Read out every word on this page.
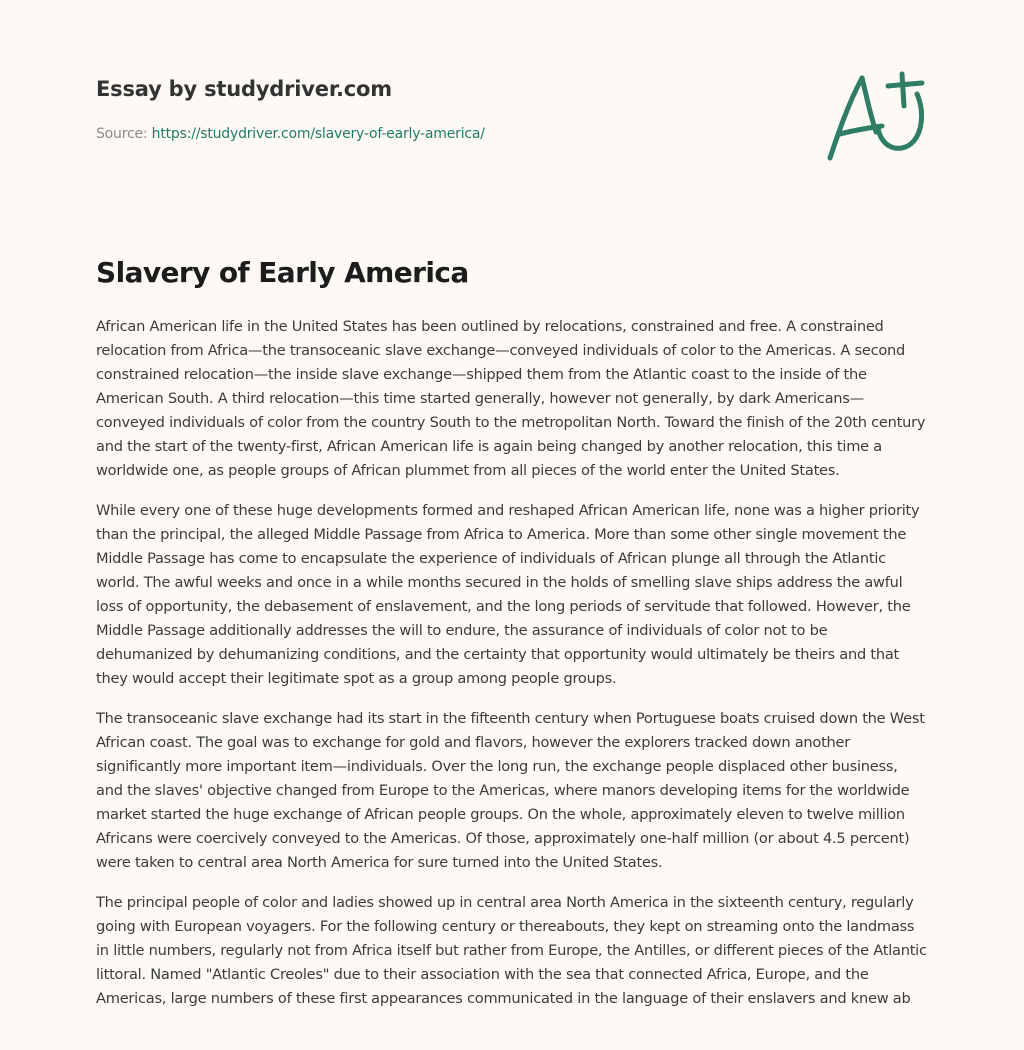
Essay by studydriver.com
Source: https://studydriver.com/slavery-of-early-america/
Slavery of Early America

African American life in the United States has been outlined by relocations, constrained and free. A constrained relocation from Africa—the transoceanic slave exchange—conveyed individuals of color to the Americas. A second constrained relocation—the inside slave exchange—shipped them from the Atlantic coast to the inside of the American South. A third relocation—this time started generally, however not generally, by dark Americans—conveyed individuals of color from the country South to the metropolitan North. Toward the finish of the 20th century and the start of the twenty-first, African American life is again being changed by another relocation, this time a worldwide one, as people groups of African plummet from all pieces of the world enter the United States.

While every one of these huge developments formed and reshaped African American life, none was a higher priority than the principal, the alleged Middle Passage from Africa to America. More than some other single movement the Middle Passage has come to encapsulate the experience of individuals of African plunge all through the Atlantic world. The awful weeks and once in a while months secured in the holds of smelling slave ships address the awful loss of opportunity, the debasement of enslavement, and the long periods of servitude that followed. However, the Middle Passage additionally addresses the will to endure, the assurance of individuals of color not to be dehumanized by dehumanizing conditions, and the certainty that opportunity would ultimately be theirs and that they would accept their legitimate spot as a group among people groups.

The transoceanic slave exchange had its start in the fifteenth century when Portuguese boats cruised down the West African coast. The goal was to exchange for gold and flavors, however the explorers tracked down another significantly more important item—individuals. Over the long run, the exchange people displaced other business, and the slaves' objective changed from Europe to the Americas, where manors developing items for the worldwide market started the huge exchange of African people groups. On the whole, approximately eleven to twelve million Africans were coercively conveyed to the Americas. Of those, approximately one-half million (or about 4.5 percent) were taken to central area North America for sure turned into the United States.

The principal people of color and ladies showed up in central area North America in the sixteenth century, regularly going with European voyagers. For the following century or thereabouts, they kept on streaming onto the landmass in little numbers, regularly not from Africa itself but rather from Europe, the Antilles, or different pieces of the Atlantic littoral. Named "Atlantic Creoles" due to their association with the sea that connected Africa, Europe, and the Americas, large numbers of these first appearances communicated in the language of their enslavers and knew ab
